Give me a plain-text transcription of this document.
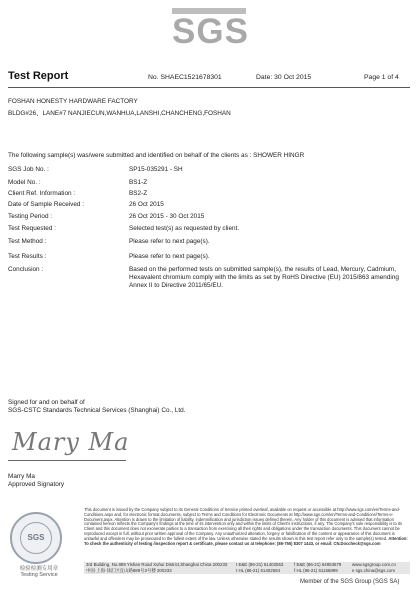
SGS
Test Report	No. SHAEC1521678301	Date: 30 Oct 2015	Page 1 of 4
FOSHAN HONESTY HARDWARE FACTORY
BLDG#26、LANE#7 NANJIECUN,WANHUA,LANSHI,CHANCHENG,FOSHAN
The following sample(s) was/were submitted and identified on behalf of the clients as : SHOWER HINGR
SGS Job No. :	SP15-035291 - SH
Model No. :	BS1-Z
Client Ref. Information :	BS2-Z
Date of Sample Received :	26 Oct 2015
Testing Period :	26 Oct 2015 - 30 Oct 2015
Test Requested :	Selected test(s) as requested by client.
Test Method :	Please refer to next page(s).
Test Results :	Please refer to next page(s).
Conclusion :	Based on the performed tests on submitted sample(s), the results of Lead, Mercury, Cadmium, Hexavalent chromium comply with the limits as set by RoHS Directive (EU) 2015/863 amending Annex II to Directive 2011/65/EU.
Signed for and on behalf of
SGS-CSTC Standards Technical Services (Shanghai) Co., Ltd.
Mary Ma
Marry Ma
Approved Signatory
SGS
检验检测专用章
Testing Service
This document is issued by the Company subject to its General Conditions of Service printed overleaf, available on request or accessible at http://www.sgs.com/en/Terms-and-Conditions.aspx and, for electronic format documents, subject to Terms and Conditions for Electronic Documents at http://www.sgs.com/en/Terms-and-Conditions/Terms-e-Document.aspx. Attention is drawn to the limitation of liability, indemnification and jurisdiction issues defined therein. Any holder of this document is advised that information contained hereon reflects the Company's findings at the time of its intervention only and within the limits of Client's instructions, if any. The Company's sole responsibility is to its Client and this document does not exonerate parties to a transaction from exercising all their rights and obligations under the transaction documents. This document cannot be reproduced except in full, without prior written approval of the Company. Any unauthorized alteration, forgery or falsification of the content or appearance of this document is unlawful and offenders may be prosecuted to the fullest extent of the law. Unless otherwise stated the results shown in this test report refer only to the sample(s) tested. Attention: To check the authenticity of testing /inspection report & certificate, please contact us at telephone: (86-755) 8307 1443, or email: CN.Doccheck@sgs.com
3rd Building, No.889 Yishan Road Xuhui District,Shanghai China 200233
中国·上海·徐汇区宜山路889号3号楼 200233
t E&E (86-21) 61402553
t HL (86-21) 61402594
f E&E (86-21) 64953679
f HL (86-21) 61156899
www.sgsgroup.com.cn
e sgs.china@sgs.com
Member of the SGS Group (SGS SA)
